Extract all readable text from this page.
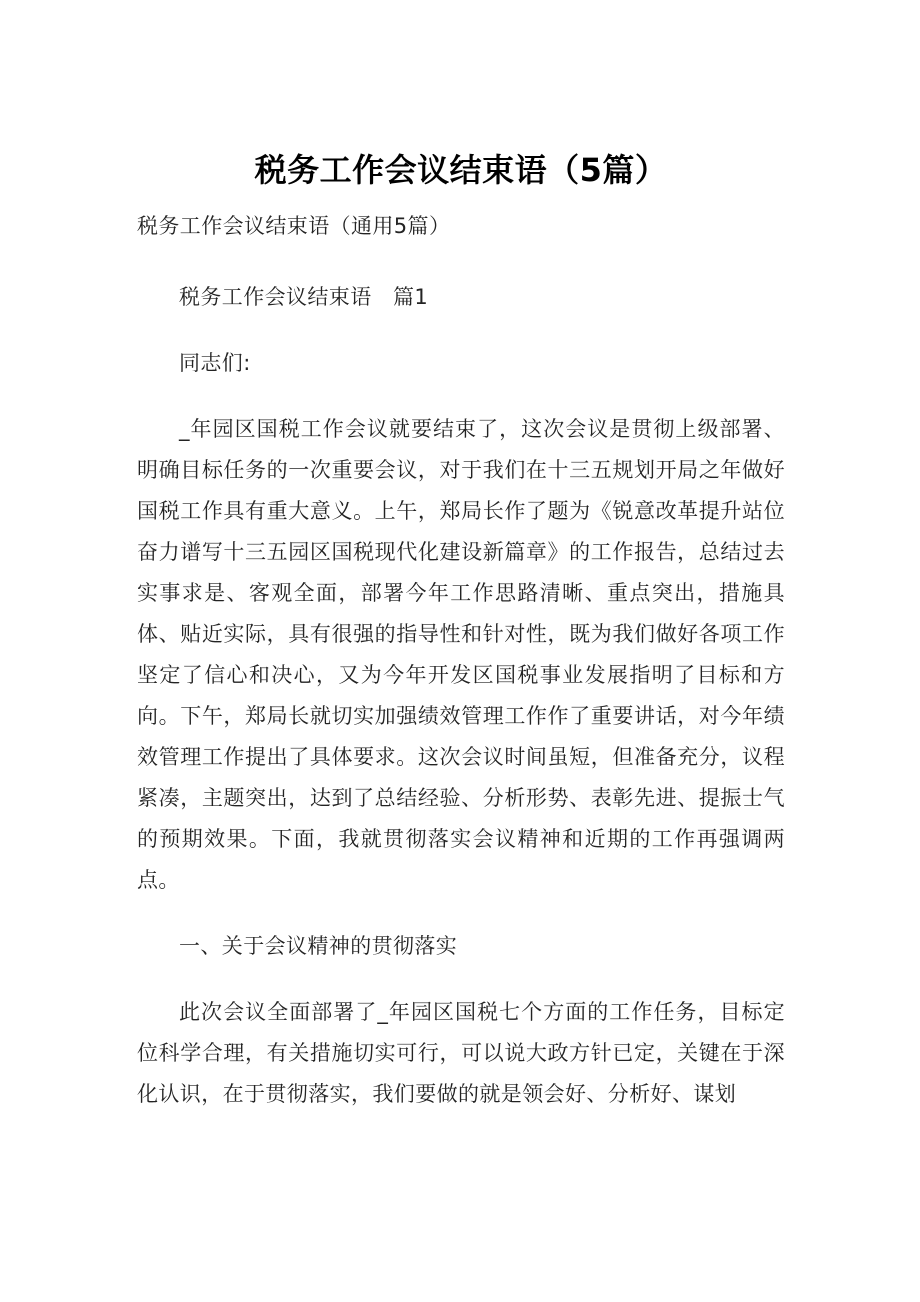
税务工作会议结束语（5篇）
税务工作会议结束语（通用5篇）
税务工作会议结束语　篇1
同志们:
_年园区国税工作会议就要结束了，这次会议是贯彻上级部署、明确目标任务的一次重要会议，对于我们在十三五规划开局之年做好国税工作具有重大意义。上午，郑局长作了题为《锐意改革提升站位 奋力谱写十三五园区国税现代化建设新篇章》的工作报告，总结过去实事求是、客观全面，部署今年工作思路清晰、重点突出，措施具体、贴近实际，具有很强的指导性和针对性，既为我们做好各项工作坚定了信心和决心，又为今年开发区国税事业发展指明了目标和方向。下午，郑局长就切实加强绩效管理工作作了重要讲话，对今年绩效管理工作提出了具体要求。这次会议时间虽短，但准备充分，议程紧凑，主题突出，达到了总结经验、分析形势、表彰先进、提振士气的预期效果。下面，我就贯彻落实会议精神和近期的工作再强调两点。
一、关于会议精神的贯彻落实
此次会议全面部署了_年园区国税七个方面的工作任务，目标定位科学合理，有关措施切实可行，可以说大政方针已定，关键在于深化认识，在于贯彻落实，我们要做的就是领会好、分析好、谋划
